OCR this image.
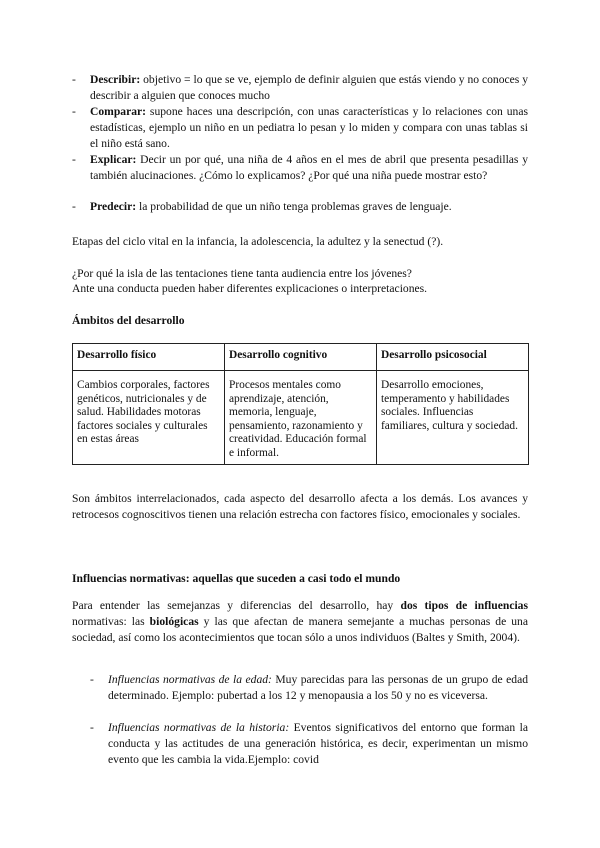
- Describir: objetivo = lo que se ve, ejemplo de definir alguien que estás viendo y no conoces y describir a alguien que conoces mucho
- Comparar: supone haces una descripción, con unas características y lo relaciones con unas estadísticas, ejemplo un niño en un pediatra lo pesan y lo miden y compara con unas tablas si el niño está sano.
- Explicar: Decir un por qué, una niña de 4 años en el mes de abril que presenta pesadillas y también alucinaciones. ¿Cómo lo explicamos? ¿Por qué una niña puede mostrar esto?
- Predecir: la probabilidad de que un niño tenga problemas graves de lenguaje.
Etapas del ciclo vital en la infancia, la adolescencia, la adultez y la senectud (?).
¿Por qué la isla de las tentaciones tiene tanta audiencia entre los jóvenes?
Ante una conducta pueden haber diferentes explicaciones o interpretaciones.
Ámbitos del desarrollo
Desarrollo físico	Desarrollo cognitivo	Desarrollo psicosocial
Cambios corporales, factores genéticos, nutricionales y de salud. Habilidades motoras factores sociales y culturales en estas áreas	Procesos mentales como aprendizaje, atención, memoria, lenguaje, pensamiento, razonamiento y creatividad. Educación formal e informal.	Desarrollo emociones, temperamento y habilidades sociales. Influencias familiares, cultura y sociedad.
Son ámbitos interrelacionados, cada aspecto del desarrollo afecta a los demás. Los avances y retrocesos cognoscitivos tienen una relación estrecha con factores físico, emocionales y sociales.
Influencias normativas: aquellas que suceden a casi todo el mundo
Para entender las semejanzas y diferencias del desarrollo, hay dos tipos de influencias normativas: las biológicas y las que afectan de manera semejante a muchas personas de una sociedad, así como los acontecimientos que tocan sólo a unos individuos (Baltes y Smith, 2004).
- Influencias normativas de la edad: Muy parecidas para las personas de un grupo de edad determinado. Ejemplo: pubertad a los 12 y menopausia a los 50 y no es viceversa.
- Influencias normativas de la historia: Eventos significativos del entorno que forman la conducta y las actitudes de una generación histórica, es decir, experimentan un mismo evento que les cambia la vida.Ejemplo: covid
